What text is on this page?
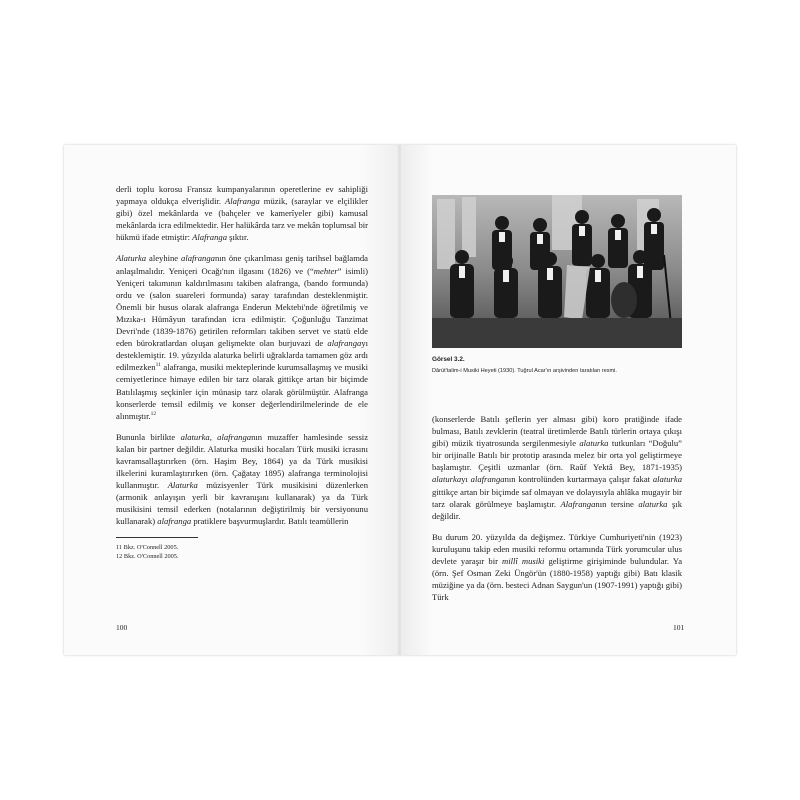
derli toplu korosu Fransız kumpanyalarının operetlerine ev sahipliği yapmaya oldukça elverişlidir. Alafranga müzik, (saraylar ve elçilikler gibi) özel mekânlarda ve (bahçeler ve kamerîyeler gibi) kamusal mekânlarda icra edilmektedir. Her halükârda tarz ve mekân toplumsal bir hükmü ifade etmiştir: Alafranga şıktır.

Alaturka aleyhine alafranganın öne çıkarılması geniş tarihsel bağlamda anlaşılmalıdır. Yeniçeri Ocağı'nın ilgasını (1826) ve (“mehter” isimli) Yeniçeri takımının kaldırılmasını takiben alafranga, (bando formunda) ordu ve (salon suareleri formunda) saray tarafından desteklenmiştir. Önemli bir husus olarak alafranga Enderun Mektebi'nde öğretilmiş ve Mızıka-ı Hümâyun tarafından icra edilmiştir. Çoğunluğu Tanzimat Devri'nde (1839-1876) getirilen reformları takiben servet ve statü elde eden bürokratlardan oluşan gelişmekte olan burjuvazi de alafrangayı desteklemiştir. 19. yüzyılda alaturka belirli uğraklarda tamamen göz ardı edilmezken$^{11}$ alafranga, musiki mekteplerinde kurumsallaşmış ve musiki cemiyetlerince himaye edilen bir tarz olarak gittikçe artan bir biçimde Batılılaşmış seçkinler için münasip tarz olarak görülmüştür. Alafranga konserlerde temsil edilmiş ve konser değerlendirilmelerinde de ele alınmıştır.$^{12}$

Bununla birlikte alaturka, alafranganın muzaffer hamlesinde sessiz kalan bir partner değildir. Alaturka musiki hocaları Türk musiki icrasını kavramsallaştırırken (örn. Haşim Bey, 1864) ya da Türk musikisi ilkelerini kuramlaştırırken (örn. Çağatay 1895) alafranga terminolojisi kullanmıştır. Alaturka müzisyenler Türk musikisini düzenlerken (armonik anlayışın yerli bir kavranışını kullanarak) ya da Türk musikisini temsil ederken (notalarının değiştirilmiş bir versiyonunu kullanarak) alafranga pratiklere başvurmuşlardır. Batılı teamüllerin

11 Bkz. O'Connell 2005.

12 Bkz. O'Connell 2005.

100
Görsel 3.2.
Dârüt'talim-i Musiki Heyeti (1930). Tuğrul Acar'ın arşivinden taratılan resmi.

(konserlerde Batılı şeflerin yer alması gibi) koro pratiğinde ifade bulması, Batılı zevklerin (teatral üretimlerde Batılı türlerin ortaya çıkışı gibi) müzik tiyatrosunda sergilenmesiyle alaturka tutkunları “Doğulu” bir orijinalle Batılı bir prototip arasında melez bir orta yol geliştirmeye başlamıştır. Çeşitli uzmanlar (örn. Raûf Yektâ Bey, 1871-1935) alaturkayı alafranganın kontrolünden kurtarmaya çalışır fakat alaturka gittikçe artan bir biçimde saf olmayan ve dolayısıyla ahlâka mugayir bir tarz olarak görülmeye başlamıştır. Alafranganın tersine alaturka şık değildir.

Bu durum 20. yüzyılda da değişmez. Türkiye Cumhuriyeti'nin (1923) kuruluşunu takip eden musiki reformu ortamında Türk yorumcular ulus devlete yaraşır bir millî musiki geliştirme girişiminde bulundular. Ya (örn. Şef Osman Zeki Üngör'ün (1880-1958) yaptığı gibi) Batı klasik müziğine ya da (örn. besteci Adnan Saygun'un (1907-1991) yaptığı gibi) Türk

101
